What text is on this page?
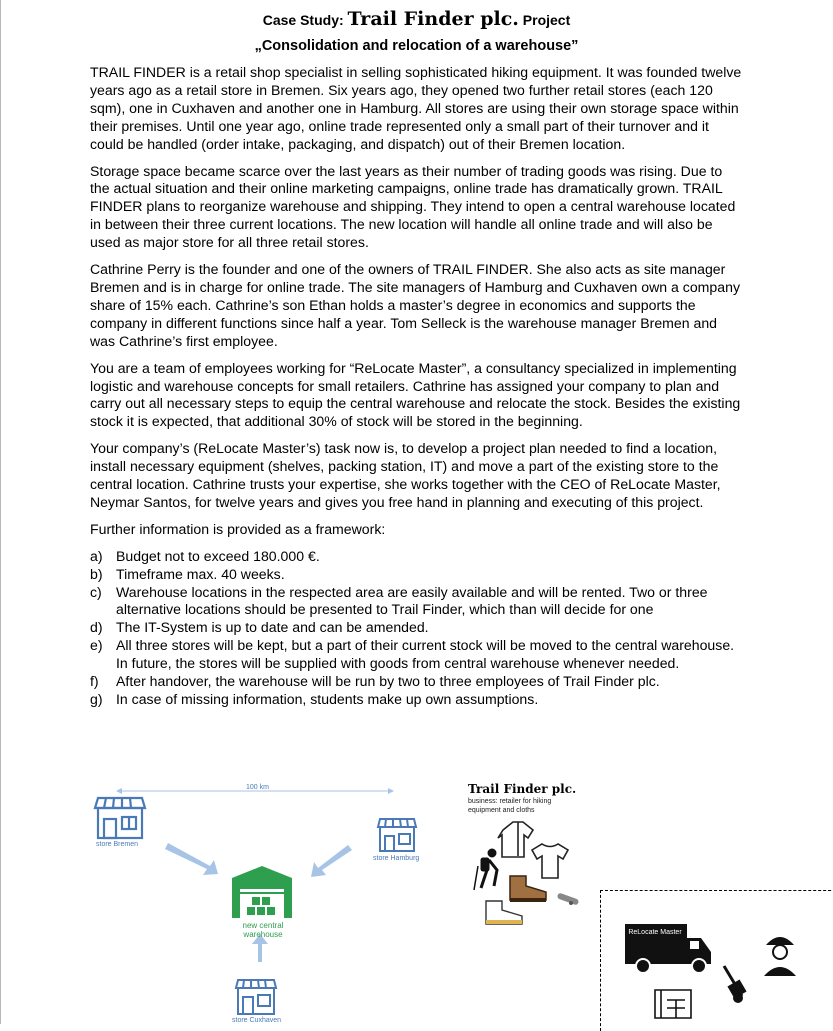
Case Study: Trail Finder plc. Project
„Consolidation and relocation of a warehouse”

TRAIL FINDER is a retail shop specialist in selling sophisticated hiking equipment. It was founded twelve years ago as a retail store in Bremen. Six years ago, they opened two further retail stores (each 120 sqm), one in Cuxhaven and another one in Hamburg. All stores are using their own storage space within their premises. Until one year ago, online trade represented only a small part of their turnover and it could be handled (order intake, packaging, and dispatch) out of their Bremen location.

Storage space became scarce over the last years as their number of trading goods was rising. Due to the actual situation and their online marketing campaigns, online trade has dramatically grown. TRAIL FINDER plans to reorganize warehouse and shipping. They intend to open a central warehouse located in between their three current locations. The new location will handle all online trade and will also be used as major store for all three retail stores.

Cathrine Perry is the founder and one of the owners of TRAIL FINDER. She also acts as site manager Bremen and is in charge for online trade. The site managers of Hamburg and Cuxhaven own a company share of 15% each. Cathrine’s son Ethan holds a master’s degree in economics and supports the company in different functions since half a year. Tom Selleck is the warehouse manager Bremen and was Cathrine’s first employee.

You are a team of employees working for “ReLocate Master”, a consultancy specialized in implementing logistic and warehouse concepts for small retailers. Cathrine has assigned your company to plan and carry out all necessary steps to equip the central warehouse and relocate the stock. Besides the existing stock it is expected, that additional 30% of stock will be stored in the beginning.

Your company’s (ReLocate Master’s) task now is, to develop a project plan needed to find a location, install necessary equipment (shelves, packing station, IT) and move a part of the existing store to the central location. Cathrine trusts your expertise, she works together with the CEO of ReLocate Master, Neymar Santos, for twelve years and gives you free hand in planning and executing of this project.

Further information is provided as a framework:

a) Budget not to exceed 180.000 €.
b) Timeframe max. 40 weeks.
c) Warehouse locations in the respected area are easily available and will be rented. Two or three alternative locations should be presented to Trail Finder, which than will decide for one
d) The IT-System is up to date and can be amended.
e) All three stores will be kept, but a part of their current stock will be moved to the central warehouse. In future, the stores will be supplied with goods from central warehouse whenever needed.
f) After handover, the warehouse will be run by two to three employees of Trail Finder plc.
g) In case of missing information, students make up own assumptions.
100 km
store Bremen
store Hamburg
new central warehouse
store Cuxhaven
Trail Finder plc.
business: retailer for hiking equipment and cloths
ReLocate Master
